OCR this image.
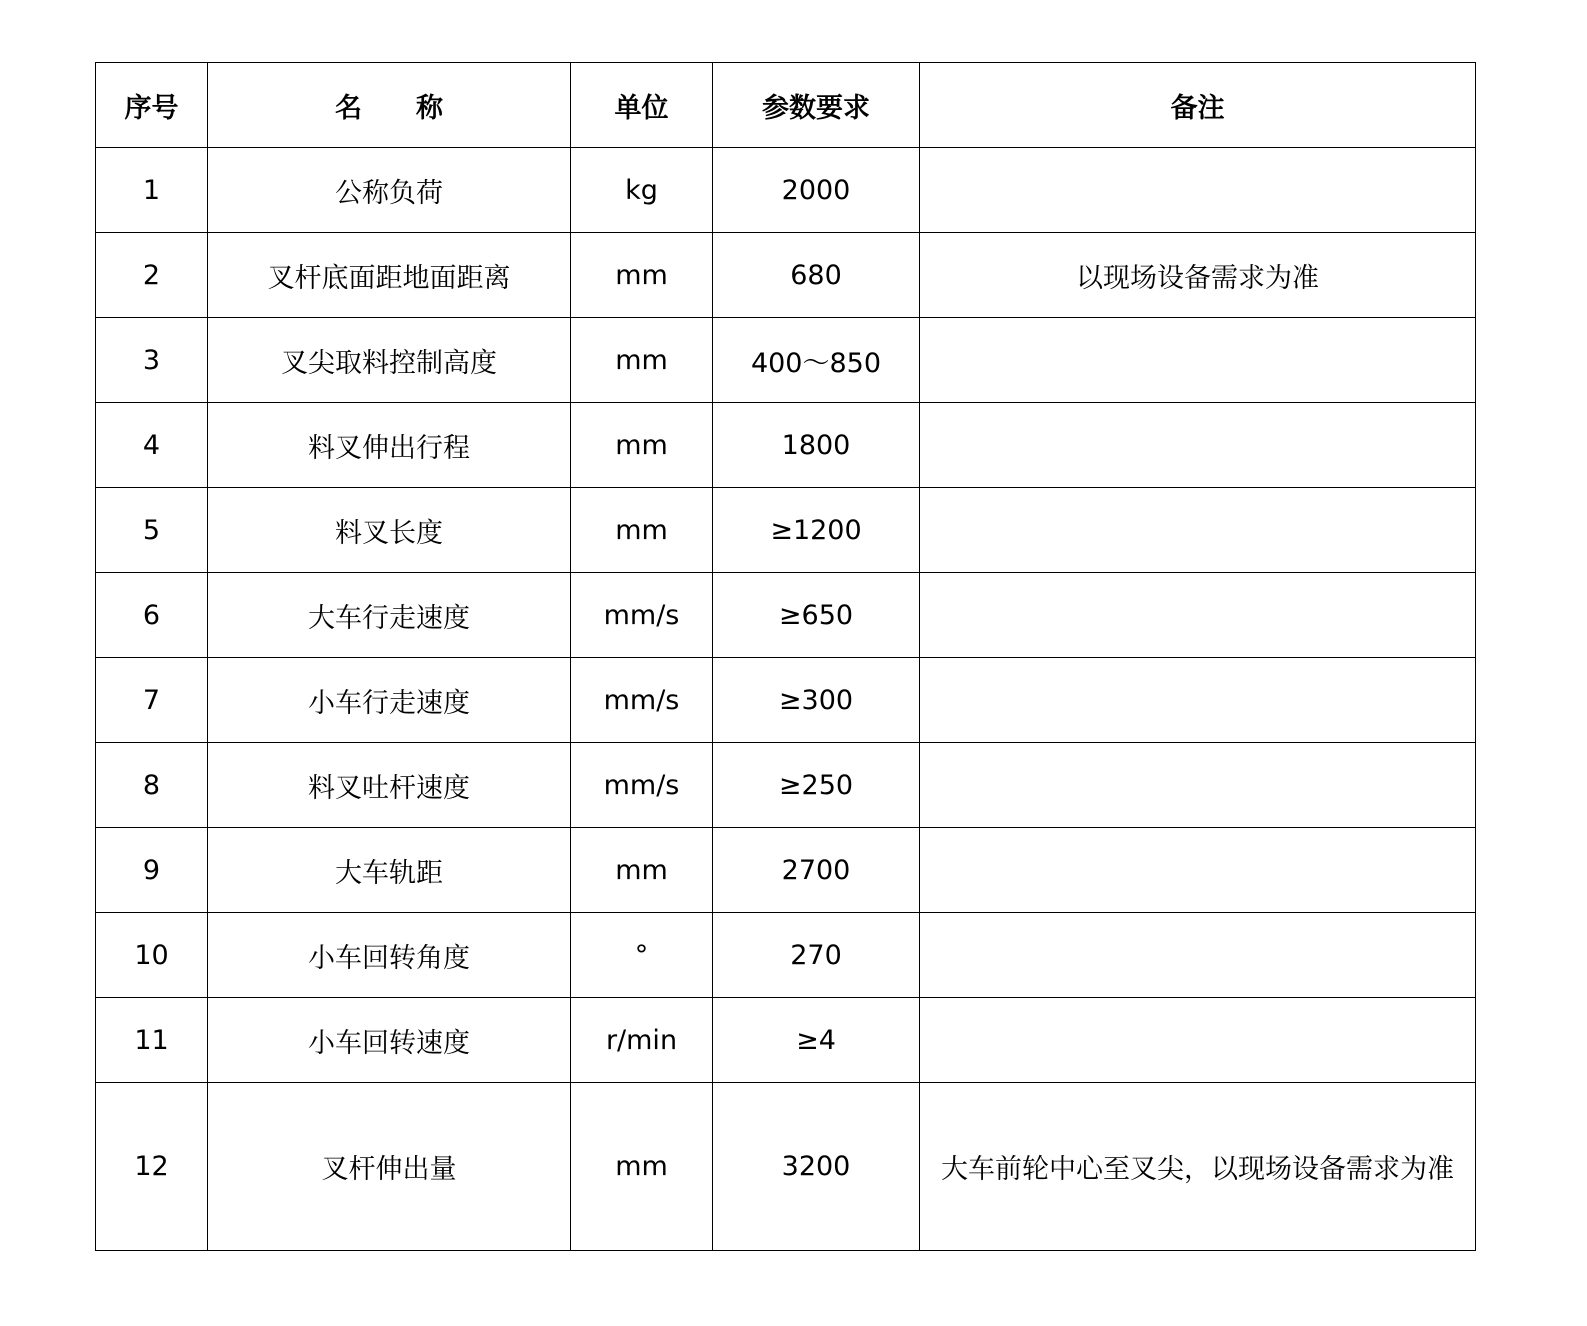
序号	名　　称	单位	参数要求	备注
1	公称负荷	kg	2000	
2	叉杆底面距地面距离	mm	680	以现场设备需求为准
3	叉尖取料控制高度	mm	400～850	
4	料叉伸出行程	mm	1800	
5	料叉长度	mm	≥1200	
6	大车行走速度	mm/s	≥650	
7	小车行走速度	mm/s	≥300	
8	料叉吐杆速度	mm/s	≥250	
9	大车轨距	mm	2700	
10	小车回转角度	°	270	
11	小车回转速度	r/min	≥4	
12	叉杆伸出量	mm	3200	大车前轮中心至叉尖，以现场设备需求为准
